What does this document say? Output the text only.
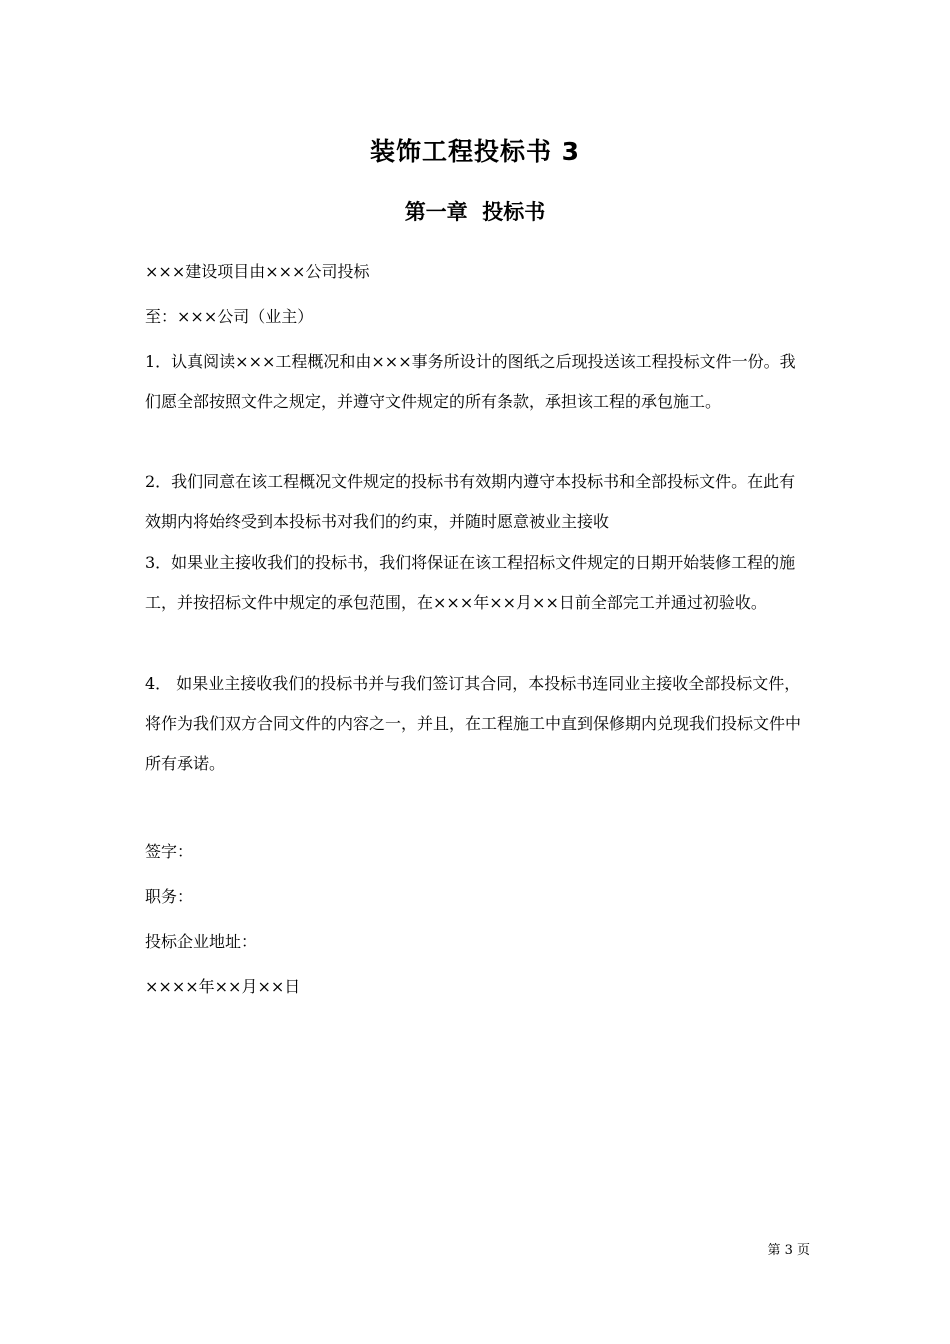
装饰工程投标书 3
第一章  投标书
×××建设项目由×××公司投标
至：×××公司（业主）
1．认真阅读×××工程概况和由×××事务所设计的图纸之后现投送该工程投标文件一份。我们愿全部按照文件之规定，并遵守文件规定的所有条款，承担该工程的承包施工。
2．我们同意在该工程概况文件规定的投标书有效期内遵守本投标书和全部投标文件。在此有效期内将始终受到本投标书对我们的约束，并随时愿意被业主接收
3．如果业主接收我们的投标书，我们将保证在该工程招标文件规定的日期开始装修工程的施工，并按招标文件中规定的承包范围，在×××年××月××日前全部完工并通过初验收。
4． 如果业主接收我们的投标书并与我们签订其合同，本投标书连同业主接收全部投标文件，将作为我们双方合同文件的内容之一，并且，在工程施工中直到保修期内兑现我们投标文件中所有承诺。
签字：
职务：
投标企业地址：
××××年××月××日
第 3 页
